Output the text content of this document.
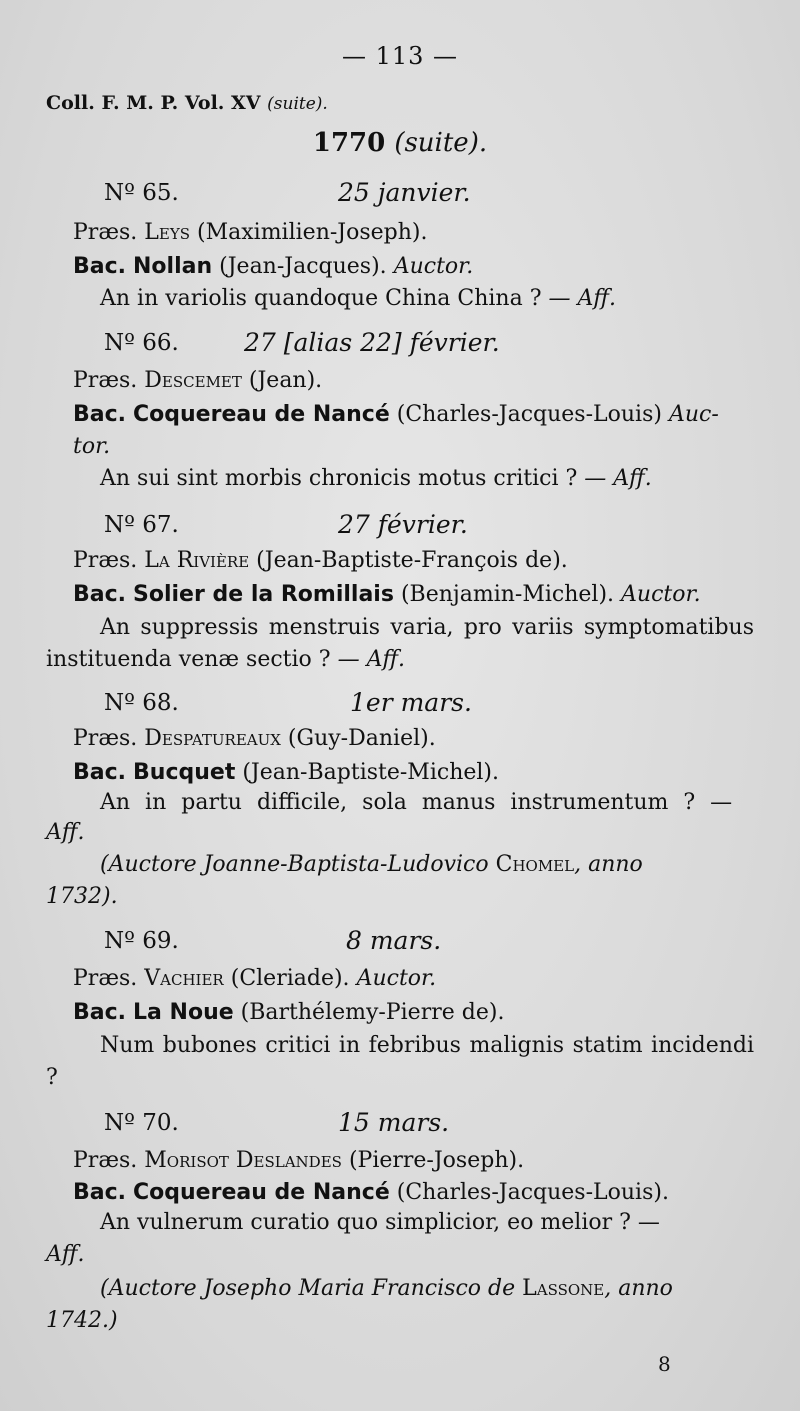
— 113 —
Coll. F. M. P. Vol. XV (suite).
1770 (suite).
Nº 65.	25 janvier.
Præs. Leys (Maximilien-Joseph).
Bac. Nollan (Jean-Jacques). Auctor.
An in variolis quandoque China China ? — Aff.
Nº 66.	27 [alias 22] février.
Præs. Descemet (Jean).
Bac. Coquereau de Nancé (Charles-Jacques-Louis) Auc-
tor.
An sui sint morbis chronicis motus critici ? — Aff.
Nº 67.	27 février.
Præs. La Rivière (Jean-Baptiste-François de).
Bac. Solier de la Romillais (Benjamin-Michel). Auctor.
An suppressis menstruis varia, pro variis symptomatibus instituenda venæ sectio ? — Aff.
Nº 68.	1er mars.
Præs. Despatureaux (Guy-Daniel).
Bac. Bucquet (Jean-Baptiste-Michel).
An in partu difficile, sola manus instrumentum ? —
Aff.
(Auctore Joanne-Baptista-Ludovico Chomel, anno
1732).
Nº 69.	8 mars.
Præs. Vachier (Cleriade). Auctor.
Bac. La Noue (Barthélemy-Pierre de).
Num bubones critici in febribus malignis statim incidendi ?
Nº 70.	15 mars.
Præs. Morisot Deslandes (Pierre-Joseph).
Bac. Coquereau de Nancé (Charles-Jacques-Louis).
An vulnerum curatio quo simplicior, eo melior ? —
Aff.
(Auctore Josepho Maria Francisco de Lassone, anno
1742.)
8
